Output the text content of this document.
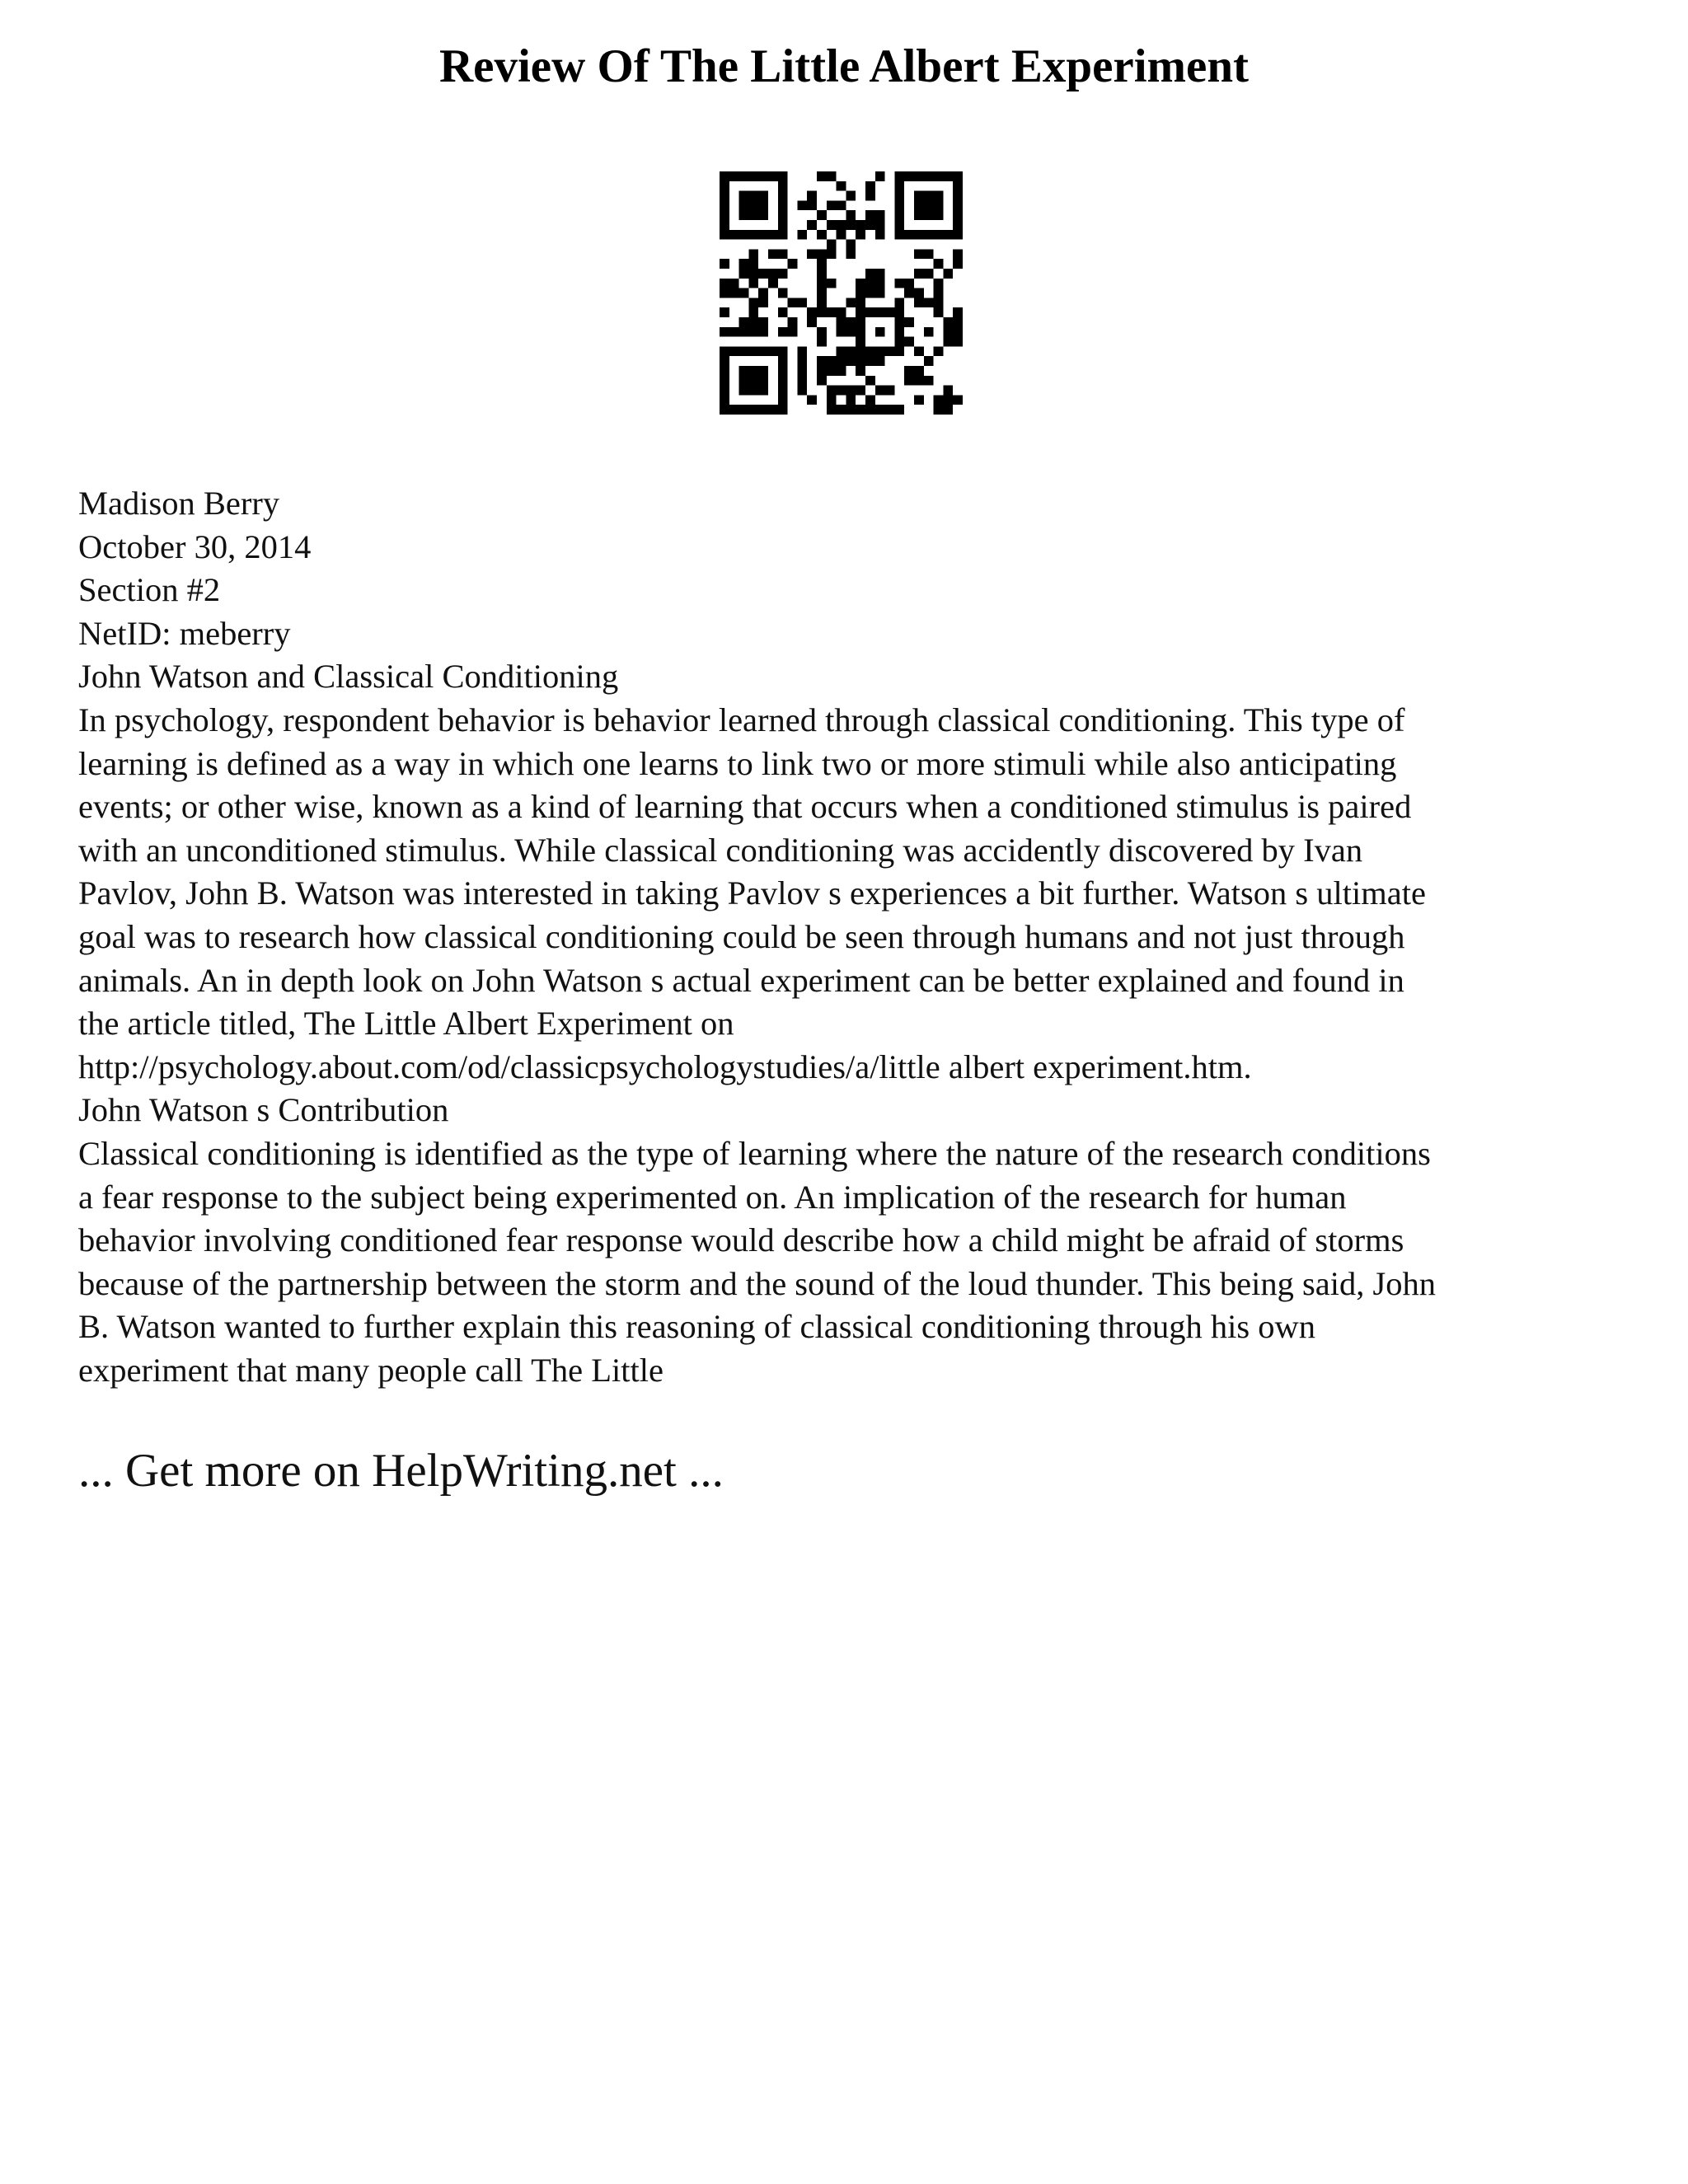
Review Of The Little Albert Experiment
Madison Berry
October 30, 2014
Section #2
NetID: meberry
John Watson and Classical Conditioning
In psychology, respondent behavior is behavior learned through classical conditioning. This type of
learning is defined as a way in which one learns to link two or more stimuli while also anticipating
events; or other wise, known as a kind of learning that occurs when a conditioned stimulus is paired
with an unconditioned stimulus. While classical conditioning was accidently discovered by Ivan
Pavlov, John B. Watson was interested in taking Pavlov s experiences a bit further. Watson s ultimate
goal was to research how classical conditioning could be seen through humans and not just through
animals. An in depth look on John Watson s actual experiment can be better explained and found in
the article titled, The Little Albert Experiment on
http://psychology.about.com/od/classicpsychologystudies/a/little albert experiment.htm.
John Watson s Contribution
Classical conditioning is identified as the type of learning where the nature of the research conditions
a fear response to the subject being experimented on. An implication of the research for human
behavior involving conditioned fear response would describe how a child might be afraid of storms
because of the partnership between the storm and the sound of the loud thunder. This being said, John
B. Watson wanted to further explain this reasoning of classical conditioning through his own
experiment that many people call The Little
... Get more on HelpWriting.net ...
